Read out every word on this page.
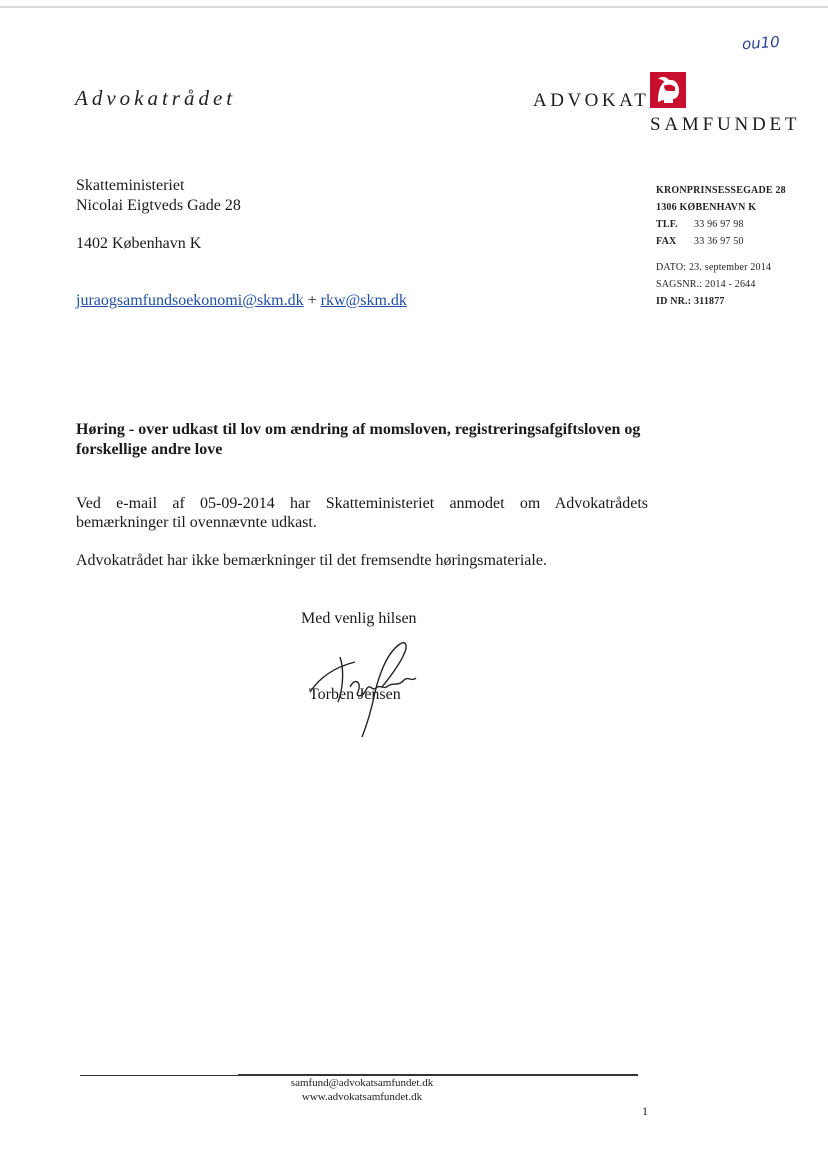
ou10
Advokatrådet	ADVOKAT
SAMFUNDET
Skatteministeriet
Nicolai Eigtveds Gade 28
1402 København K
juraogsamfundsoekonomi@skm.dk + rkw@skm.dk
KRONPRINSESSEGADE 28
1306 KØBENHAVN K
TLF. 33 96 97 98
FAX 33 36 97 50
DATO: 23. september 2014
SAGSNR.: 2014 - 2644
ID NR.: 311877
Høring - over udkast til lov om ændring af momsloven, registreringsafgiftsloven og forskellige andre love
Ved e-mail af 05-09-2014 har Skatteministeriet anmodet om Advokatrådets bemærkninger til ovennævnte udkast.
Advokatrådet har ikke bemærkninger til det fremsendte høringsmateriale.
Med venlig hilsen
Torben Jensen
samfund@advokatsamfundet.dk
www.advokatsamfundet.dk
1
